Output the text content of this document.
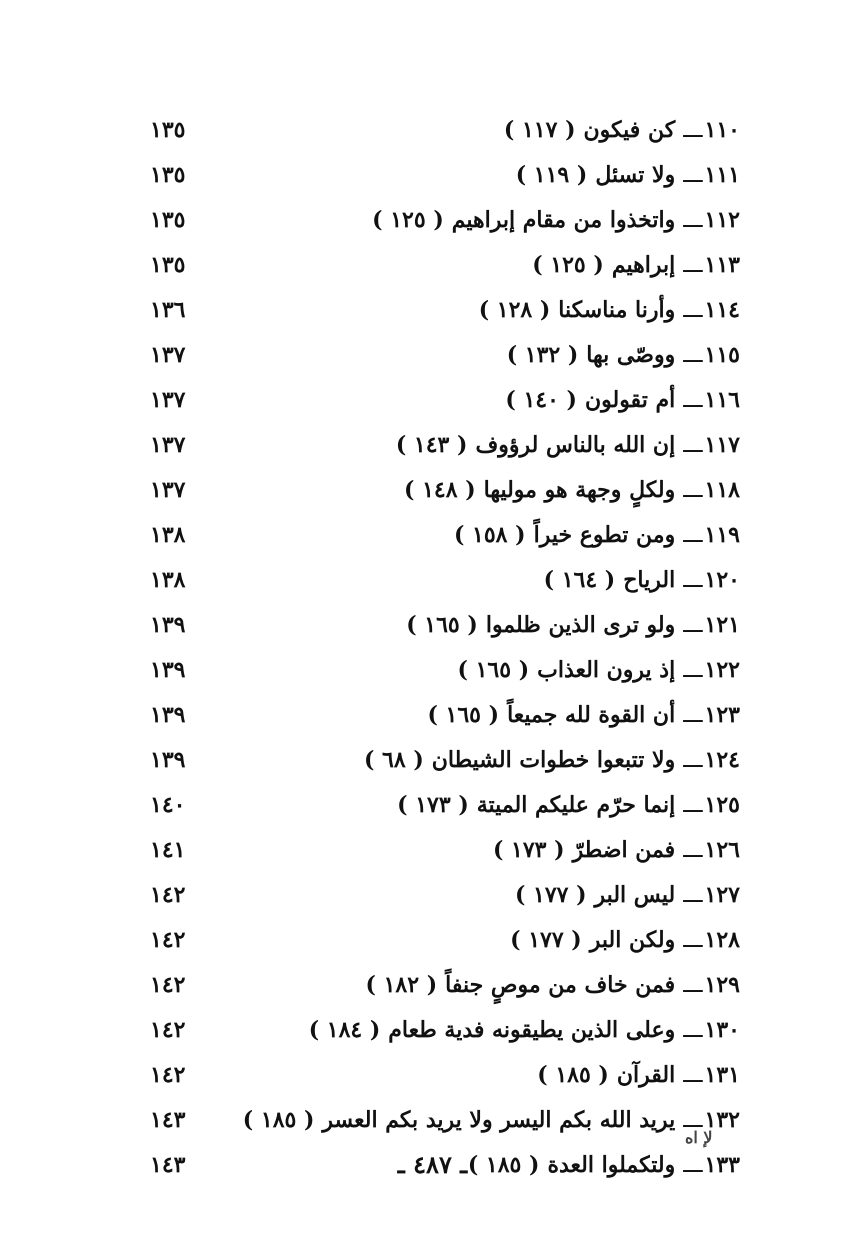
١١٠
ـــ
كن فيكون
( ١١٧ )
١٣٥
١١١
ـــ
ولا تسئل
( ١١٩ )
١٣٥
١١٢
ـــ
واتخذوا من مقام إبراهيم
( ١٢٥ )
١٣٥
١١٣
ـــ
إبراهيم
( ١٢٥ )
١٣٥
١١٤
ـــ
وأرنا مناسكنا
( ١٢٨ )
١٣٦
١١٥
ـــ
ووصّى بها
( ١٣٢ )
١٣٧
١١٦
ـــ
أم تقولون
( ١٤٠ )
١٣٧
١١٧
ـــ
إن الله بالناس لرؤوف
( ١٤٣ )
١٣٧
١١٨
ـــ
ولكلٍ وجهة هو موليها
( ١٤٨ )
١٣٧
١١٩
ـــ
ومن تطوع خيراً
( ١٥٨ )
١٣٨
١٢٠
ـــ
الرياح
( ١٦٤ )
١٣٨
١٢١
ـــ
ولو ترى الذين ظلموا
( ١٦٥ )
١٣٩
١٢٢
ـــ
إذ يرون العذاب
( ١٦٥ )
١٣٩
١٢٣
ـــ
أن القوة لله جميعاً
( ١٦٥ )
١٣٩
١٢٤
ـــ
ولا تتبعوا خطوات الشيطان
( ٦٨ )
١٣٩
١٢٥
ـــ
إنما حرّم عليكم الميتة
( ١٧٣ )
١٤٠
١٢٦
ـــ
فمن اضطرّ
( ١٧٣ )
١٤١
١٢٧
ـــ
ليس البر
( ١٧٧ )
١٤٢
١٢٨
ـــ
ولكن البر
( ١٧٧ )
١٤٢
١٢٩
ـــ
فمن خاف من موصٍ جنفاً
( ١٨٢ )
١٤٢
١٣٠
ـــ
وعلى الذين يطيقونه فدية طعام
( ١٨٤ )
١٤٢
١٣١
ـــ
القرآن
( ١٨٥ )
١٤٢
١٣٢
ـــ
يريد الله بكم اليسر ولا يريد بكم العسر
( ١٨٥ )
١٤٣
١٣٣
ـــ
ولتكملوا العدة
( ١٨٥ )
١٤٣
لإ اه
ـ ٤٨٧ ـ
